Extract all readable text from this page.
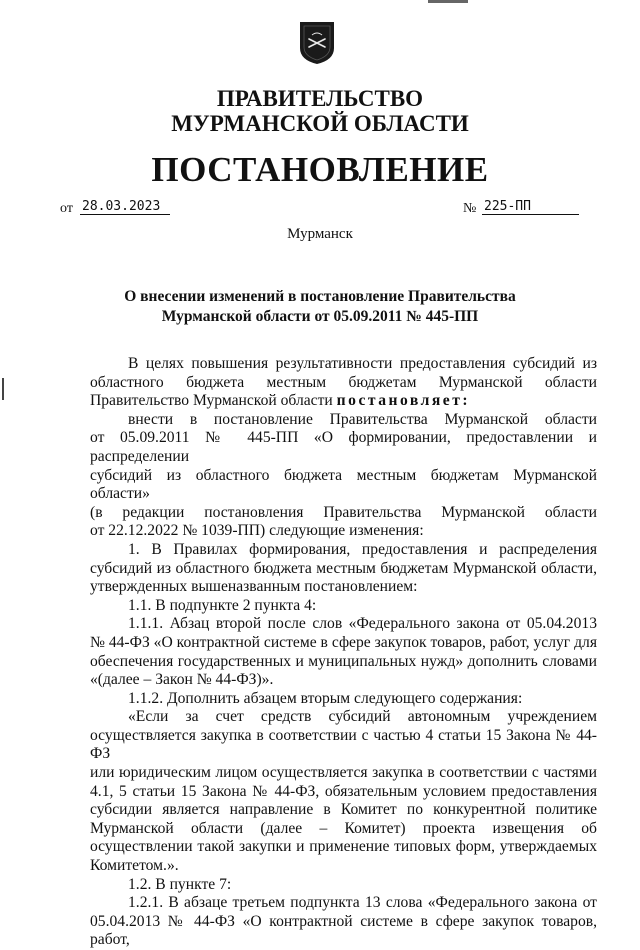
ПРАВИТЕЛЬСТВО
МУРМАНСКОЙ ОБЛАСТИ
ПОСТАНОВЛЕНИЕ
от 28.03.2023	№ 225-ПП
Мурманск
О внесении изменений в постановление Правительства
Мурманской области от 05.09.2011 № 445-ПП

В целях повышения результативности предоставления субсидий из

областного бюджета местным бюджетам Мурманской области

Правительство Мурманской области постановляет:

внести в постановление Правительства Мурманской области

от 05.09.2011 № 445-ПП «О формировании, предоставлении и распределении

субсидий из областного бюджета местным бюджетам Мурманской области»

(в редакции постановления Правительства Мурманской области

от 22.12.2022 № 1039-ПП) следующие изменения:

1. В Правилах формирования, предоставления и распределения

субсидий из областного бюджета местным бюджетам Мурманской области,

утвержденных вышеназванным постановлением:

1.1. В подпункте 2 пункта 4:

1.1.1. Абзац второй после слов «Федерального закона от 05.04.2013

№ 44-ФЗ «О контрактной системе в сфере закупок товаров, работ, услуг для

обеспечения государственных и муниципальных нужд» дополнить словами

«(далее – Закон № 44-ФЗ)».

1.1.2. Дополнить абзацем вторым следующего содержания:

«Если за счет средств субсидий автономным учреждением

осуществляется закупка в соответствии с частью 4 статьи 15 Закона № 44-ФЗ

или юридическим лицом осуществляется закупка в соответствии с частями

4.1, 5 статьи 15 Закона № 44-ФЗ, обязательным условием предоставления

субсидии является направление в Комитет по конкурентной политике

Мурманской области (далее – Комитет) проекта извещения об

осуществлении такой закупки и применение типовых форм, утверждаемых

Комитетом.».

1.2. В пункте 7:

1.2.1. В абзаце третьем подпункта 13 слова «Федерального закона от

05.04.2013 № 44-ФЗ «О контрактной системе в сфере закупок товаров, работ,
